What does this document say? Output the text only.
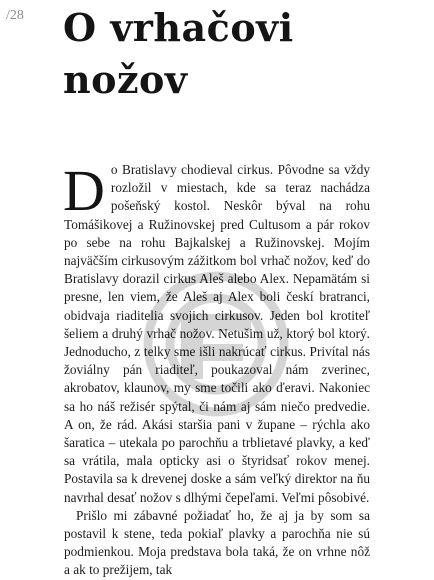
/28 O vrhačovi
nožov

Do Bratislavy chodieval cirkus. Pôvodne sa vždy rozložil v miestach, kde sa teraz nachádza pošeňský kostol. Neskôr býval na rohu Tomášikovej a Ružinovskej pred Cultusom a pár rokov po sebe na rohu Bajkalskej a Ružinovskej. Mojím najväčším cirkusovým zážitkom bol vrhač nožov, keď do Bratislavy dorazil cirkus Aleš alebo Alex. Nepamätám si presne, len viem, že Aleš aj Alex boli českí bratranci, obidvaja riaditelia svojich cirkusov. Jeden bol krotiteľ šeliem a druhý vrhač nožov. Netušim už, ktorý bol ktorý. Jednoducho, z telky sme išli nakrúcať cirkus. Privítal nás žoviálny pán riaditeľ, poukazoval nám zverinec, akrobatov, klaunov, my sme točili ako ďeravi. Nakoniec sa ho náš režisér spýtal, či nám aj sám niečo predvedie. A on, že rád. Akási staršia pani v župane – rýchla ako šaratica – utekala po parochňu a trblietavé plavky, a keď sa vrátila, mala opticky asi o štyridsať rokov menej. Postavila sa k drevenej doske a sám veľký direktor na ňu navrhal desať nožov s dlhými čepeľami. Veľmi pôsobivé.

Prišlo mi zábavné požiadať ho, že aj ja by som sa postavil k stene, teda pokiaľ plavky a parochňa nie sú podmienkou. Moja predstava bola taká, že on vrhne nôž a ak to prežijem, tak
